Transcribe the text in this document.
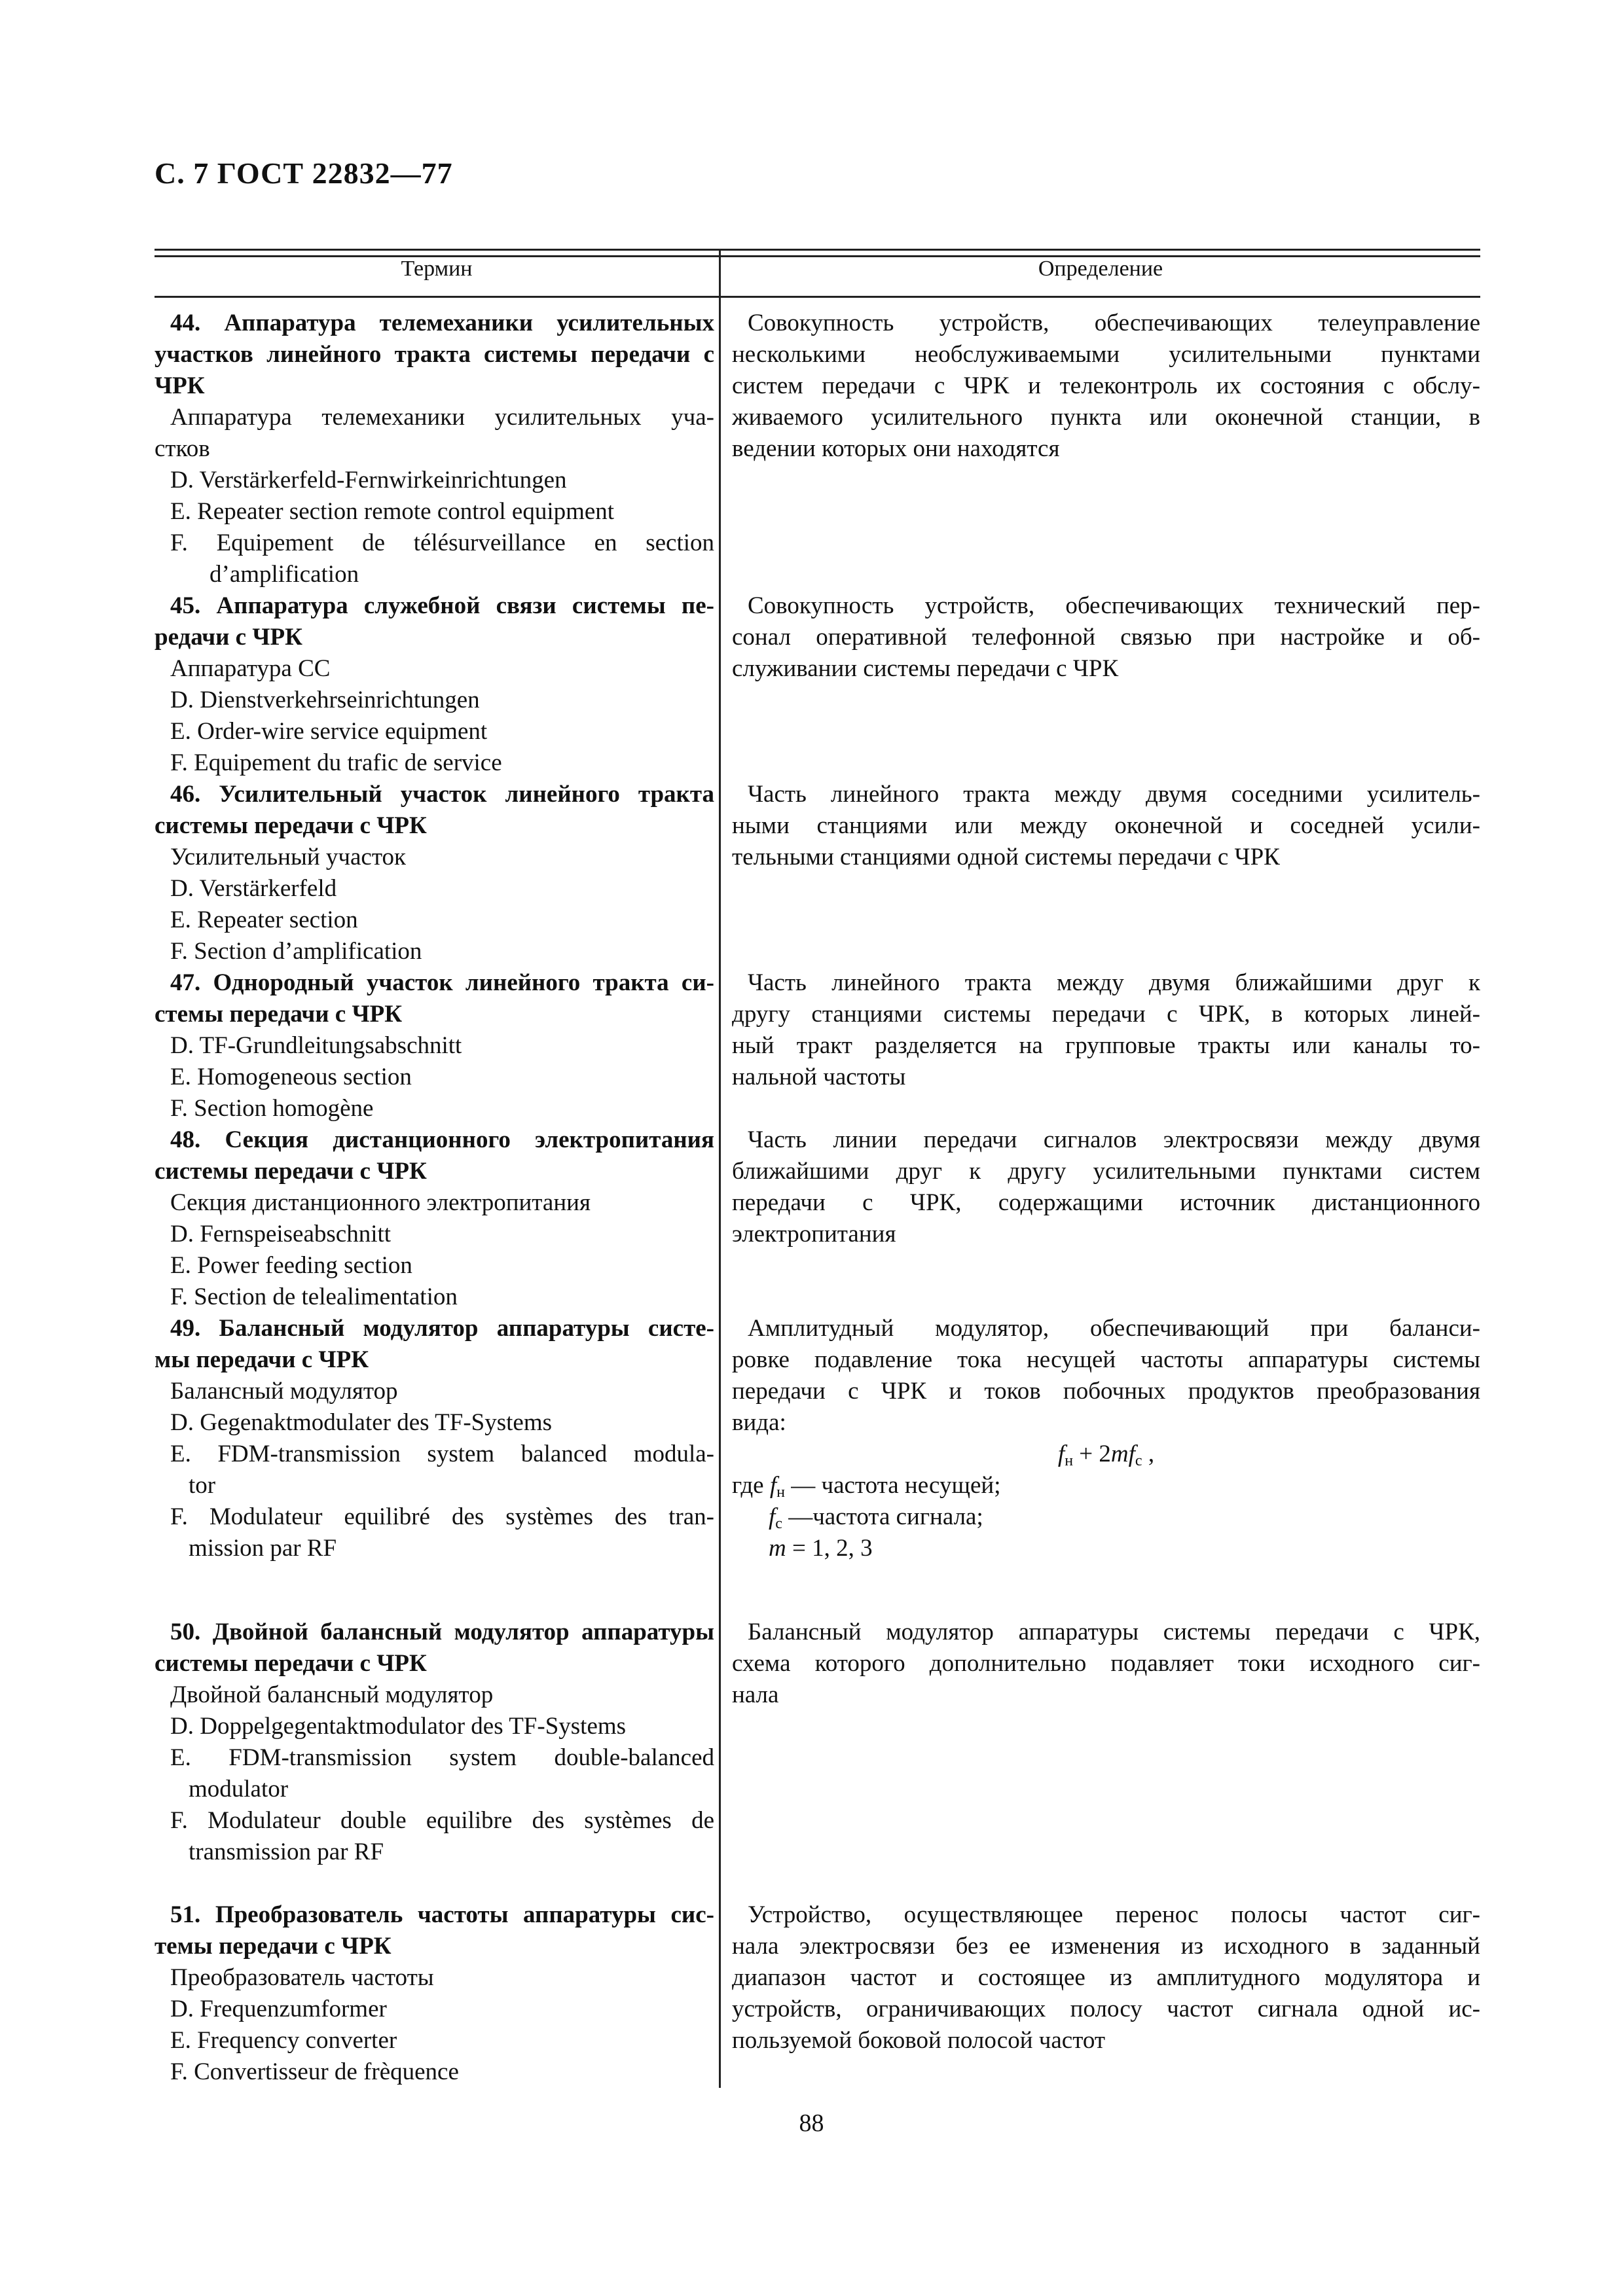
С. 7 ГОСТ 22832—77
Термин	Определение
44. Аппаратура телемеханики усилительных
участков линейного тракта системы передачи с
ЧРК
Аппаратура телемеханики усилительных уча-
стков
D. Verstärkerfeld-Fernwirkeinrichtungen
E. Repeater section remote control equipment
F. Equipement de télésurveillance en section
d’amplification
45. Аппаратура служебной связи системы пе-
редачи с ЧРК
Аппаратура СС
D. Dienstverkehrseinrichtungen
E. Order-wire service equipment
F. Equipement du trafic de service
46. Усилительный участок линейного тракта
системы передачи с ЧРК
Усилительный участок
D. Verstärkerfeld
E. Repeater section
F. Section d’amplification
47. Однородный участок линейного тракта си-
стемы передачи с ЧРК
D. TF-Grundleitungsabschnitt
E. Homogeneous section
F. Section homogène
48. Секция дистанционного электропитания
системы передачи с ЧРК
Секция дистанционного электропитания
D. Fernspeiseabschnitt
E. Power feeding section
F. Section de telealimentation
49. Балансный модулятор аппаратуры систе-
мы передачи с ЧРК
Балансный модулятор
D. Gegenaktmodulater des TF-Systems
E. FDM-transmission system balanced modula-
tor
F. Modulateur equilibré des systèmes des tran-
mission par RF
50. Двойной балансный модулятор аппаратуры
системы передачи с ЧРК
Двойной балансный модулятор
D. Doppelgegentaktmodulator des TF-Systems
E. FDM-transmission system double-balanced
modulator
F. Modulateur double equilibre des systèmes de
transmission par RF
51. Преобразователь частоты аппаратуры сис-
темы передачи с ЧРК
Преобразователь частоты
D. Frequenzumformer
E. Frequency converter
F. Convertisseur de frèquence
Совокупность устройств, обеспечивающих телеуправление
несколькими необслуживаемыми усилительными пунктами
систем передачи с ЧРК и телеконтроль их состояния с обслу-
живаемого усилительного пункта или оконечной станции, в
ведении которых они находятся
Совокупность устройств, обеспечивающих технический пер-
сонал оперативной телефонной связью при настройке и об-
служивании системы передачи с ЧРК
Часть линейного тракта между двумя соседними усилитель-
ными станциями или между оконечной и соседней усили-
тельными станциями одной системы передачи с ЧРК
Часть линейного тракта между двумя ближайшими друг к
другу станциями системы передачи с ЧРК, в которых линей-
ный тракт разделяется на групповые тракты или каналы то-
нальной частоты
Часть линии передачи сигналов электросвязи между двумя
ближайшими друг к другу усилительными пунктами систем
передачи с ЧРК, содержащими источник дистанционного
электропитания
Амплитудный модулятор, обеспечивающий при баланси-
ровке подавление тока несущей частоты аппаратуры системы
передачи с ЧРК и токов побочных продуктов преобразования
вида:
$f_н + 2mf_с$ ,
где $f_н$ — частота несущей;
$f_с$ —частота сигнала;
m = 1, 2, 3
Балансный модулятор аппаратуры системы передачи с ЧРК,
схема которого дополнительно подавляет токи исходного сиг-
нала
Устройство, осуществляющее перенос полосы частот сиг-
нала электросвязи без ее изменения из исходного в заданный
диапазон частот и состоящее из амплитудного модулятора и
устройств, ограничивающих полосу частот сигнала одной ис-
пользуемой боковой полосой частот
88
